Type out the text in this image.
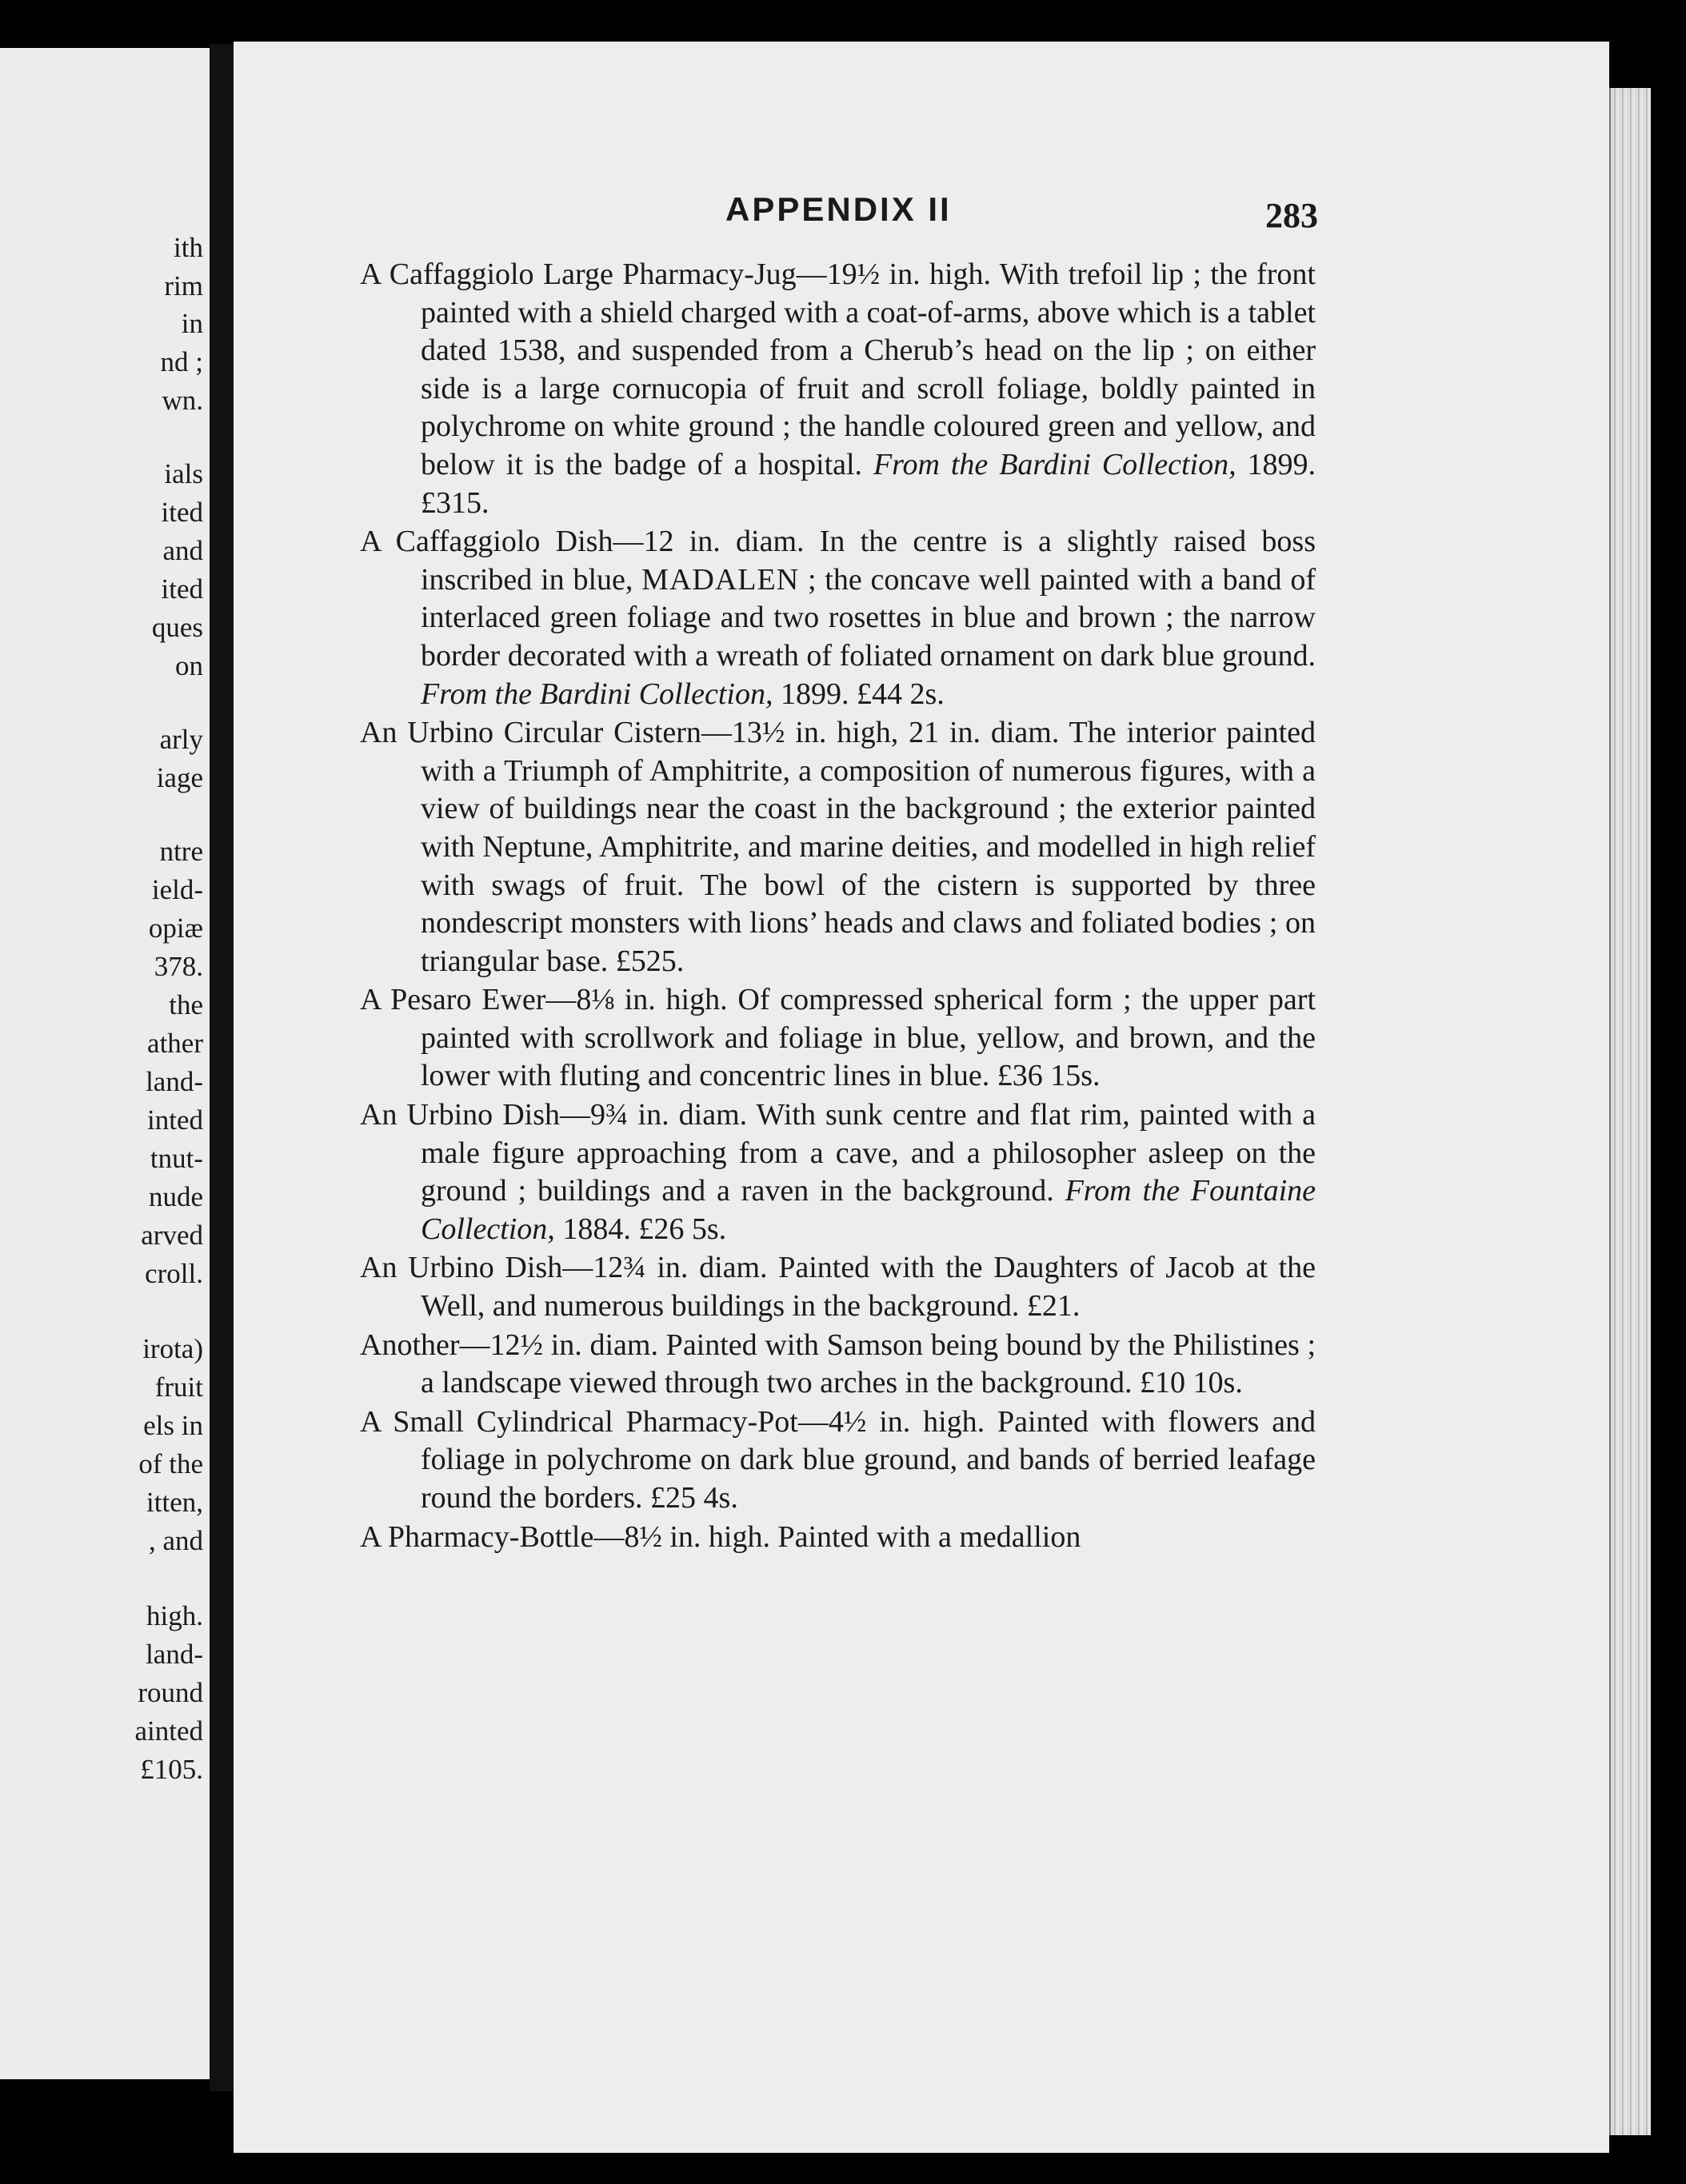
ith
rim
in
nd ;
wn.
ials
ited
and
ited
ques
on
arly
iage
ntre
ield-
opiæ
378.
the
ather
land-
inted
tnut-
nude
arved
croll.
irota)
fruit
els in
of the
itten,
, and
high.
land-
round
ainted
£105.
APPENDIX II	283

A Caffaggiolo Large Pharmacy-Jug—19½ in. high. With trefoil lip ; the front painted with a shield charged with a coat-of-arms, above which is a tablet dated 1538, and suspended from a Cherub’s head on the lip ; on either side is a large cornucopia of fruit and scroll foliage, boldly painted in polychrome on white ground ; the handle coloured green and yellow, and below it is the badge of a hospital. From the Bardini Collection, 1899. £315.

A Caffaggiolo Dish—12 in. diam. In the centre is a slightly raised boss inscribed in blue, MADALEN ; the concave well painted with a band of interlaced green foliage and two rosettes in blue and brown ; the narrow border decorated with a wreath of foliated ornament on dark blue ground. From the Bardini Collection, 1899. £44 2s.

An Urbino Circular Cistern—13½ in. high, 21 in. diam. The interior painted with a Triumph of Amphitrite, a composition of numerous figures, with a view of buildings near the coast in the background ; the exterior painted with Neptune, Amphitrite, and marine deities, and modelled in high relief with swags of fruit. The bowl of the cistern is supported by three nondescript monsters with lions’ heads and claws and foliated bodies ; on triangular base. £525.

A Pesaro Ewer—8⅛ in. high. Of compressed spherical form ; the upper part painted with scrollwork and foliage in blue, yellow, and brown, and the lower with fluting and concentric lines in blue. £36 15s.

An Urbino Dish—9¾ in. diam. With sunk centre and flat rim, painted with a male figure approaching from a cave, and a philosopher asleep on the ground ; buildings and a raven in the background. From the Fountaine Collection, 1884. £26 5s.

An Urbino Dish—12¾ in. diam. Painted with the Daughters of Jacob at the Well, and numerous buildings in the background. £21.

Another—12½ in. diam. Painted with Samson being bound by the Philistines ; a landscape viewed through two arches in the background. £10 10s.

A Small Cylindrical Pharmacy-Pot—4½ in. high. Painted with flowers and foliage in polychrome on dark blue ground, and bands of berried leafage round the borders. £25 4s.

A Pharmacy-Bottle—8½ in. high. Painted with a medallion
